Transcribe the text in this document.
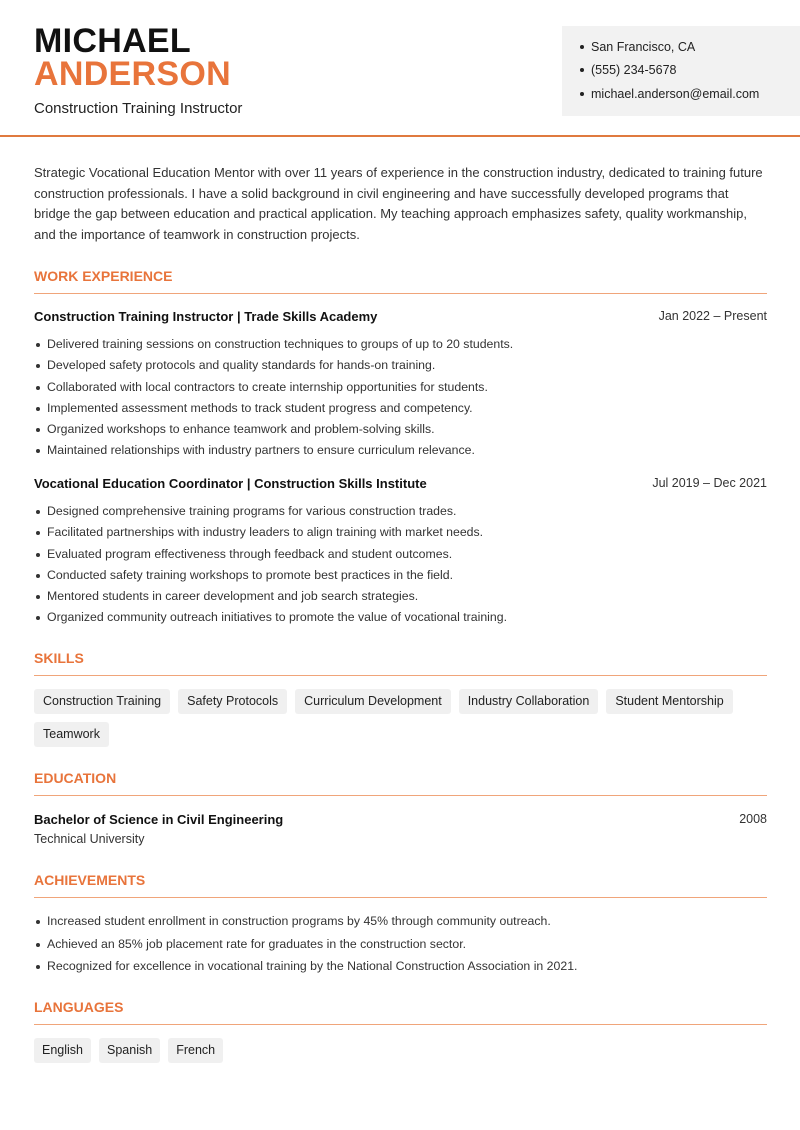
MICHAEL
ANDERSON
Construction Training Instructor
San Francisco, CA
(555) 234-5678
michael.anderson@email.com

Strategic Vocational Education Mentor with over 11 years of experience in the construction industry, dedicated to training future construction professionals. I have a solid background in civil engineering and have successfully developed programs that bridge the gap between education and practical application. My teaching approach emphasizes safety, quality workmanship, and the importance of teamwork in construction projects.

WORK EXPERIENCE
Construction Training Instructor | Trade Skills Academy	Jan 2022 – Present
Delivered training sessions on construction techniques to groups of up to 20 students.
Developed safety protocols and quality standards for hands-on training.
Collaborated with local contractors to create internship opportunities for students.
Implemented assessment methods to track student progress and competency.
Organized workshops to enhance teamwork and problem-solving skills.
Maintained relationships with industry partners to ensure curriculum relevance.
Vocational Education Coordinator | Construction Skills Institute	Jul 2019 – Dec 2021
Designed comprehensive training programs for various construction trades.
Facilitated partnerships with industry leaders to align training with market needs.
Evaluated program effectiveness through feedback and student outcomes.
Conducted safety training workshops to promote best practices in the field.
Mentored students in career development and job search strategies.
Organized community outreach initiatives to promote the value of vocational training.
SKILLS
Construction Training	Safety Protocols	Curriculum Development	Industry Collaboration	Student Mentorship
Teamwork
EDUCATION
Bachelor of Science in Civil Engineering	2008
Technical University
ACHIEVEMENTS
Increased student enrollment in construction programs by 45% through community outreach.
Achieved an 85% job placement rate for graduates in the construction sector.
Recognized for excellence in vocational training by the National Construction Association in 2021.
LANGUAGES
English	Spanish	French
